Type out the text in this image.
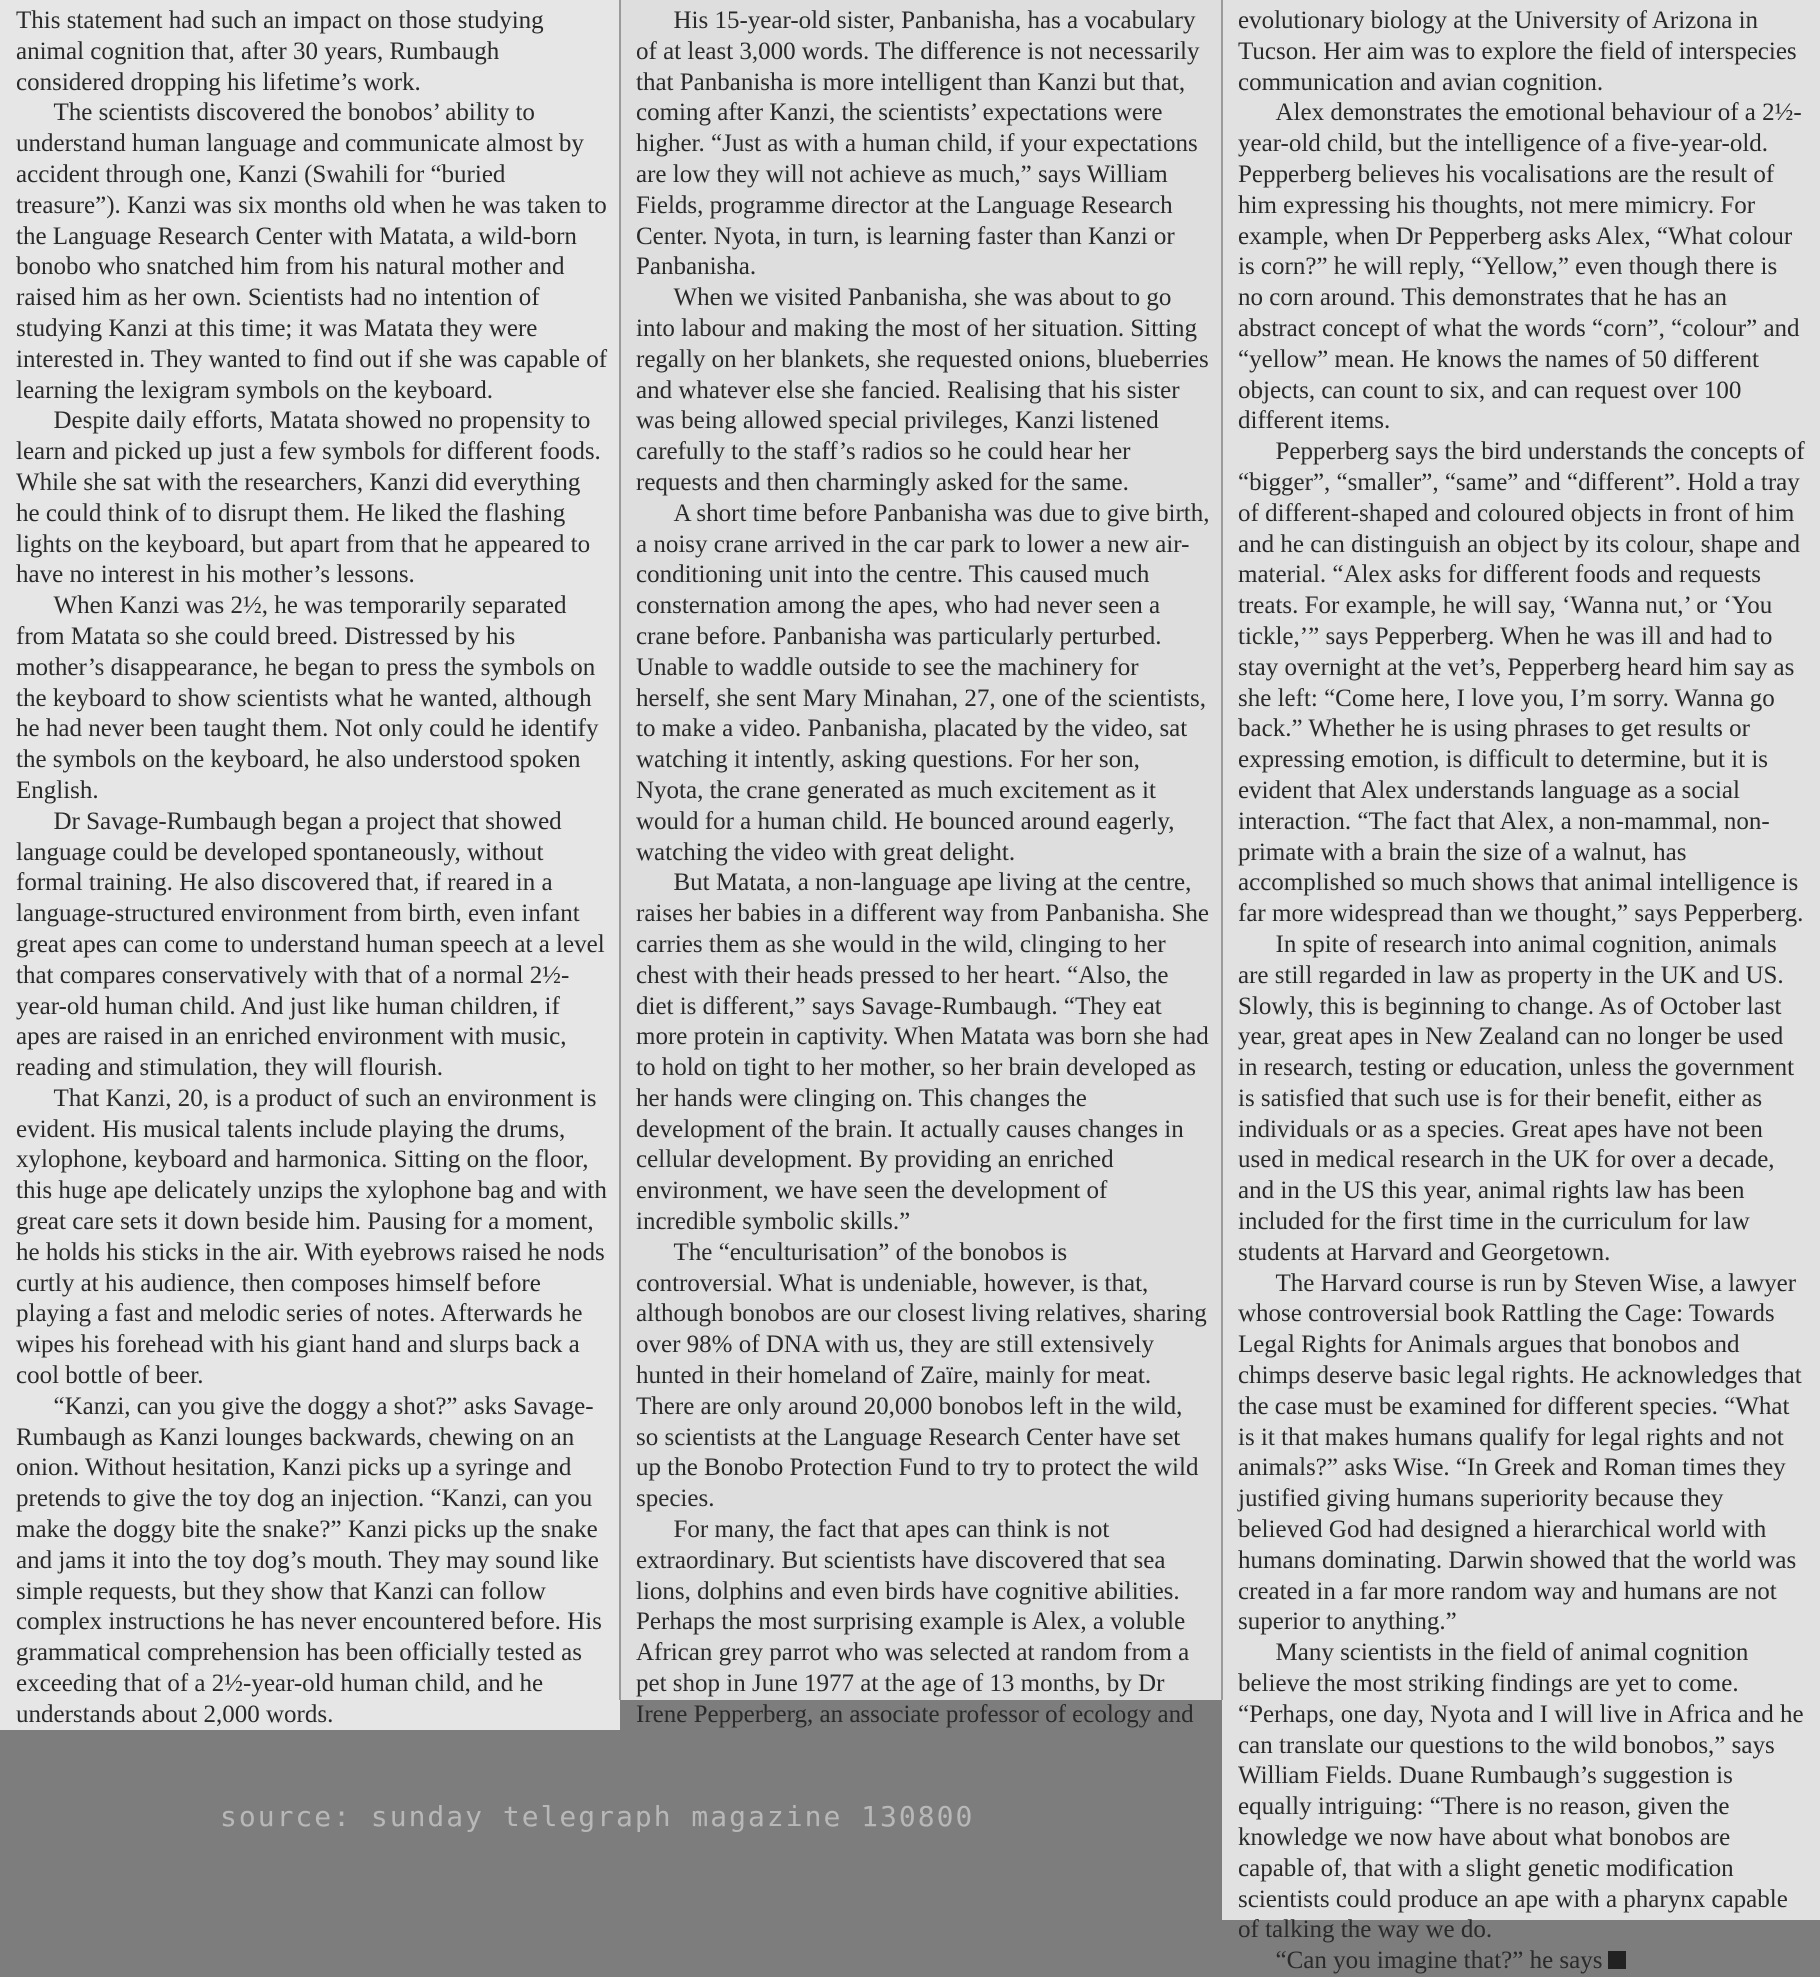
This statement had such an impact on those studying animal cognition that, after 30 years, Rumbaugh considered dropping his lifetime’s work.

The scientists discovered the bonobos’ ability to understand human language and communicate almost by accident through one, Kanzi (Swahili for “buried treasure”). Kanzi was six months old when he was taken to the Language Research Center with Matata, a wild-born bonobo who snatched him from his natural mother and raised him as her own. Scientists had no intention of studying Kanzi at this time; it was Matata they were interested in. They wanted to find out if she was capable of learning the lexigram symbols on the keyboard.

Despite daily efforts, Matata showed no propensity to learn and picked up just a few symbols for different foods. While she sat with the researchers, Kanzi did everything he could think of to disrupt them. He liked the flashing lights on the keyboard, but apart from that he appeared to have no interest in his mother’s lessons.

When Kanzi was 2½, he was temporarily separated from Matata so she could breed. Distressed by his mother’s disappearance, he began to press the symbols on the keyboard to show scientists what he wanted, although he had never been taught them. Not only could he identify the symbols on the keyboard, he also understood spoken English.

Dr Savage-Rumbaugh began a project that showed language could be developed spontaneously, without formal training. He also discovered that, if reared in a language-structured environment from birth, even infant great apes can come to understand human speech at a level that compares conservatively with that of a normal 2½-year-old human child. And just like human children, if apes are raised in an enriched environment with music, reading and stimulation, they will flourish.

That Kanzi, 20, is a product of such an environment is evident. His musical talents include playing the drums, xylophone, keyboard and harmonica. Sitting on the floor, this huge ape delicately unzips the xylophone bag and with great care sets it down beside him. Pausing for a moment, he holds his sticks in the air. With eyebrows raised he nods curtly at his audience, then composes himself before playing a fast and melodic series of notes. Afterwards he wipes his forehead with his giant hand and slurps back a cool bottle of beer.

“Kanzi, can you give the doggy a shot?” asks Savage-Rumbaugh as Kanzi lounges backwards, chewing on an onion. Without hesitation, Kanzi picks up a syringe and pretends to give the toy dog an injection. “Kanzi, can you make the doggy bite the snake?” Kanzi picks up the snake and jams it into the toy dog’s mouth. They may sound like simple requests, but they show that Kanzi can follow complex instructions he has never encountered before. His grammatical comprehension has been officially tested as exceeding that of a 2½-year-old human child, and he understands about 2,000 words.

His 15-year-old sister, Panbanisha, has a vocabulary of at least 3,000 words. The difference is not necessarily that Panbanisha is more intelligent than Kanzi but that, coming after Kanzi, the scientists’ expectations were higher. “Just as with a human child, if your expectations are low they will not achieve as much,” says William Fields, programme director at the Language Research Center. Nyota, in turn, is learning faster than Kanzi or Panbanisha.

When we visited Panbanisha, she was about to go into labour and making the most of her situation. Sitting regally on her blankets, she requested onions, blueberries and whatever else she fancied. Realising that his sister was being allowed special privileges, Kanzi listened carefully to the staff’s radios so he could hear her requests and then charmingly asked for the same.

A short time before Panbanisha was due to give birth, a noisy crane arrived in the car park to lower a new air-conditioning unit into the centre. This caused much consternation among the apes, who had never seen a crane before. Panbanisha was particularly perturbed. Unable to waddle outside to see the machinery for herself, she sent Mary Minahan, 27, one of the scientists, to make a video. Panbanisha, placated by the video, sat watching it intently, asking questions. For her son, Nyota, the crane generated as much excitement as it would for a human child. He bounced around eagerly, watching the video with great delight.

But Matata, a non-language ape living at the centre, raises her babies in a different way from Panbanisha. She carries them as she would in the wild, clinging to her chest with their heads pressed to her heart. “Also, the diet is different,” says Savage-Rumbaugh. “They eat more protein in captivity. When Matata was born she had to hold on tight to her mother, so her brain developed as her hands were clinging on. This changes the development of the brain. It actually causes changes in cellular development. By providing an enriched environment, we have seen the development of incredible symbolic skills.”

The “enculturisation” of the bonobos is controversial. What is undeniable, however, is that, although bonobos are our closest living relatives, sharing over 98% of DNA with us, they are still extensively hunted in their homeland of Zaïre, mainly for meat. There are only around 20,000 bonobos left in the wild, so scientists at the Language Research Center have set up the Bonobo Protection Fund to try to protect the wild species.

For many, the fact that apes can think is not extraordinary. But scientists have discovered that sea lions, dolphins and even birds have cognitive abilities. Perhaps the most surprising example is Alex, a voluble African grey parrot who was selected at random from a pet shop in June 1977 at the age of 13 months, by Dr Irene Pepperberg, an associate professor of ecology and

evolutionary biology at the University of Arizona in Tucson. Her aim was to explore the field of interspecies communication and avian cognition.

Alex demonstrates the emotional behaviour of a 2½-year-old child, but the intelligence of a five-year-old. Pepperberg believes his vocalisations are the result of him expressing his thoughts, not mere mimicry. For example, when Dr Pepperberg asks Alex, “What colour is corn?” he will reply, “Yellow,” even though there is no corn around. This demonstrates that he has an abstract concept of what the words “corn”, “colour” and “yellow” mean. He knows the names of 50 different objects, can count to six, and can request over 100 different items.

Pepperberg says the bird understands the concepts of “bigger”, “smaller”, “same” and “different”. Hold a tray of different-shaped and coloured objects in front of him and he can distinguish an object by its colour, shape and material. “Alex asks for different foods and requests treats. For example, he will say, ‘Wanna nut,’ or ‘You tickle,’” says Pepperberg. When he was ill and had to stay overnight at the vet’s, Pepperberg heard him say as she left: “Come here, I love you, I’m sorry. Wanna go back.” Whether he is using phrases to get results or expressing emotion, is difficult to determine, but it is evident that Alex understands language as a social interaction. “The fact that Alex, a non-mammal, non-primate with a brain the size of a walnut, has accomplished so much shows that animal intelligence is far more widespread than we thought,” says Pepperberg.

In spite of research into animal cognition, animals are still regarded in law as property in the UK and US. Slowly, this is beginning to change. As of October last year, great apes in New Zealand can no longer be used in research, testing or education, unless the government is satisfied that such use is for their benefit, either as individuals or as a species. Great apes have not been used in medical research in the UK for over a decade, and in the US this year, animal rights law has been included for the first time in the curriculum for law students at Harvard and Georgetown.

The Harvard course is run by Steven Wise, a lawyer whose controversial book Rattling the Cage: Towards Legal Rights for Animals argues that bonobos and chimps deserve basic legal rights. He acknowledges that the case must be examined for different species. “What is it that makes humans qualify for legal rights and not animals?” asks Wise. “In Greek and Roman times they justified giving humans superiority because they believed God had designed a hierarchical world with humans dominating. Darwin showed that the world was created in a far more random way and humans are not superior to anything.”

Many scientists in the field of animal cognition believe the most striking findings are yet to come. “Perhaps, one day, Nyota and I will live in Africa and he can translate our questions to the wild bonobos,” says William Fields. Duane Rumbaugh’s suggestion is equally intriguing: “There is no reason, given the knowledge we now have about what bonobos are capable of, that with a slight genetic modification scientists could produce an ape with a pharynx capable of talking the way we do.

“Can you imagine that?” he says

source: sunday telegraph magazine 130800
